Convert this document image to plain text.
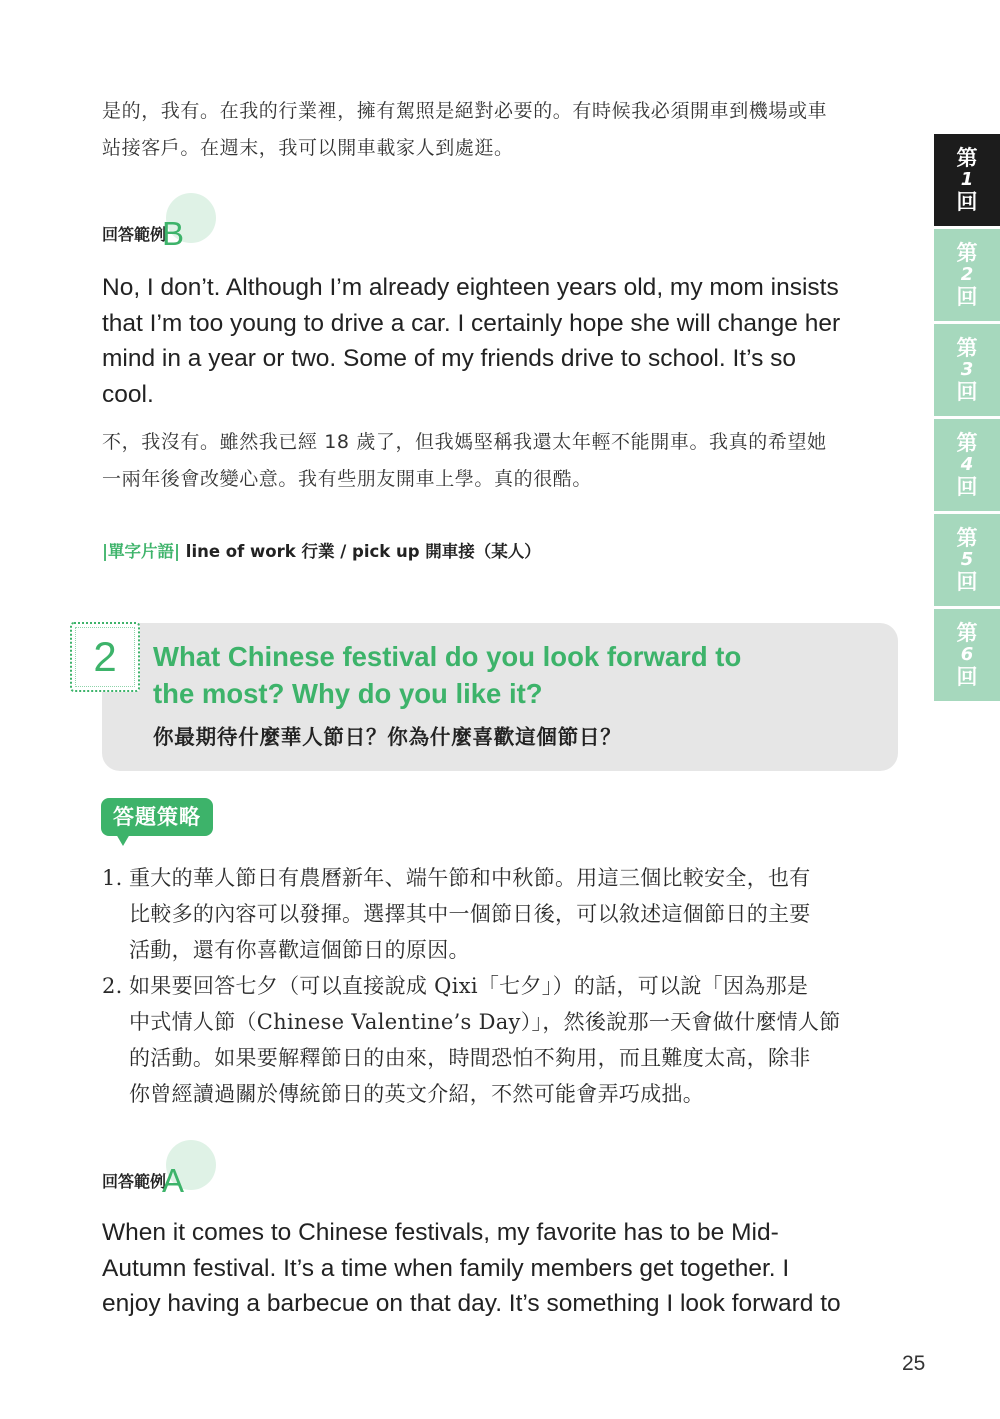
第
1
回
第
2
回
第
3
回
第
4
回
第
5
回
第
6
回
是的，我有。在我的行業裡，擁有駕照是絕對必要的。有時候我必須開車到機場或車
站接客戶。在週末，我可以開車載家人到處逛。
回答範例
B
No, I don’t. Although I’m already eighteen years old, my mom insists
that I’m too young to drive a car. I certainly hope she will change her
mind in a year or two. Some of my friends drive to school. It’s so
cool.
不，我沒有。雖然我已經 18 歲了，但我媽堅稱我還太年輕不能開車。我真的希望她
一兩年後會改變心意。我有些朋友開車上學。真的很酷。
|單字片語| line of work 行業 / pick up 開車接（某人）
2	What Chinese festival do you look forward to
the most? Why do you like it?
你最期待什麼華人節日？你為什麼喜歡這個節日？
答題策略
1. 重大的華人節日有農曆新年、端午節和中秋節。用這三個比較安全，也有
比較多的內容可以發揮。選擇其中一個節日後，可以敘述這個節日的主要
活動，還有你喜歡這個節日的原因。
2. 如果要回答七夕（可以直接說成 Qixi「七夕」）的話，可以說「因為那是
中式情人節（Chinese Valentine’s Day）」，然後說那一天會做什麼情人節
的活動。如果要解釋節日的由來，時間恐怕不夠用，而且難度太高，除非
你曾經讀過關於傳統節日的英文介紹，不然可能會弄巧成拙。
回答範例
A
When it comes to Chinese festivals, my favorite has to be Mid-
Autumn festival. It’s a time when family members get together. I
enjoy having a barbecue on that day. It’s something I look forward to
25
